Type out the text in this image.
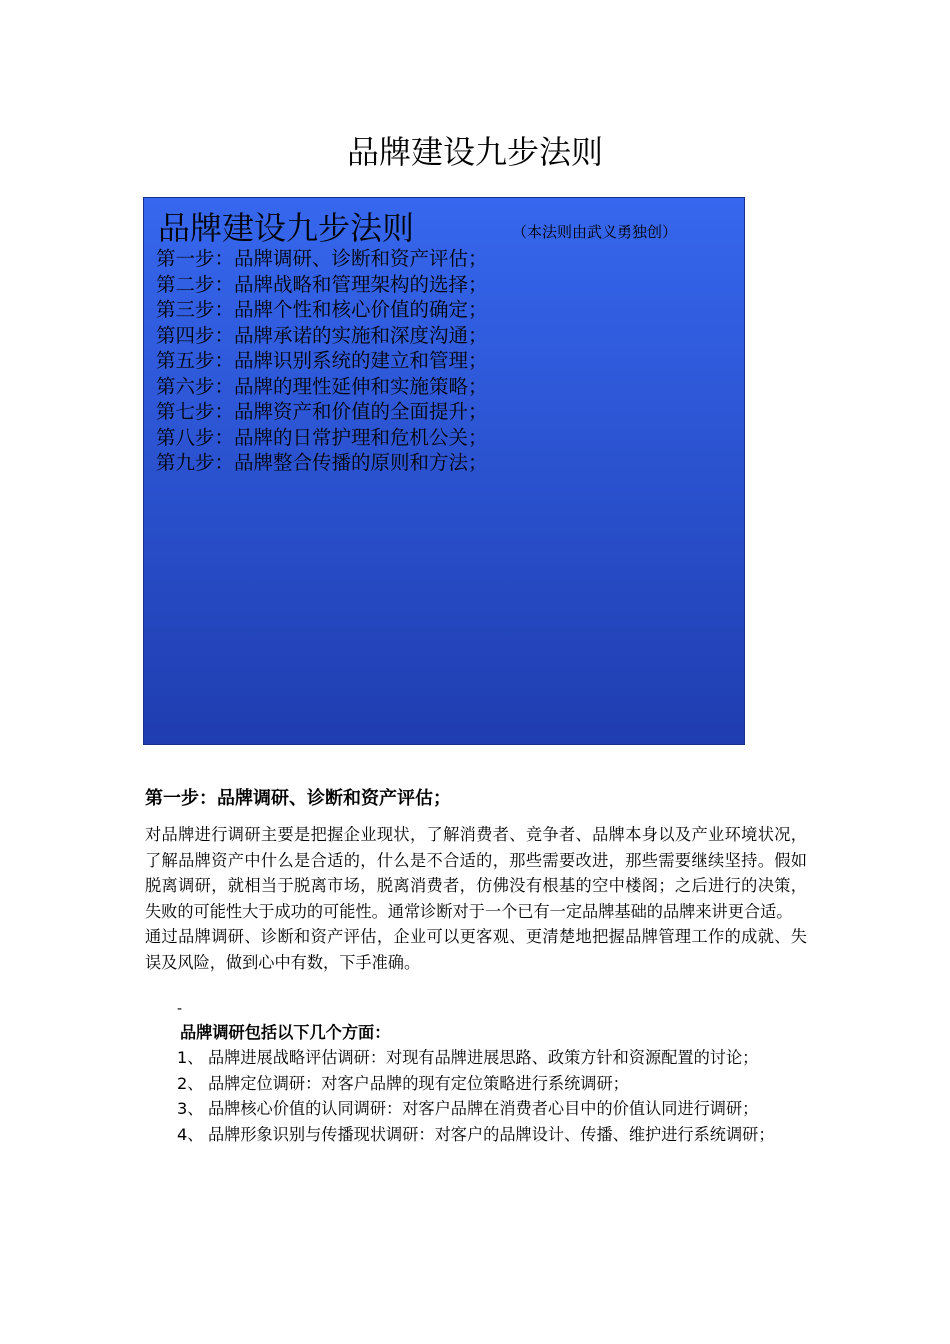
品牌建设九步法则
品牌建设九步法则	（本法则由武义勇独创）
第一步：品牌调研、诊断和资产评估；
第二步：品牌战略和管理架构的选择；
第三步：品牌个性和核心价值的确定；
第四步：品牌承诺的实施和深度沟通；
第五步：品牌识别系统的建立和管理；
第六步：品牌的理性延伸和实施策略；
第七步：品牌资产和价值的全面提升；
第八步：品牌的日常护理和危机公关；
第九步：品牌整合传播的原则和方法；
第一步：品牌调研、诊断和资产评估；

对品牌进行调研主要是把握企业现状，了解消费者、竞争者、品牌本身以及产业环境状况，了解品牌资产中什么是合适的，什么是不合适的，那些需要改进，那些需要继续坚持。假如脱离调研，就相当于脱离市场，脱离消费者，仿佛没有根基的空中楼阁；之后进行的决策，失败的可能性大于成功的可能性。通常诊断对于一个已有一定品牌基础的品牌来讲更合适。

通过品牌调研、诊断和资产评估，企业可以更客观、更清楚地把握品牌管理工作的成就、失误及风险，做到心中有数，下手准确。

-
品牌调研包括以下几个方面：
1、 品牌进展战略评估调研：对现有品牌进展思路、政策方针和资源配置的讨论；
2、 品牌定位调研：对客户品牌的现有定位策略进行系统调研；
3、 品牌核心价值的认同调研：对客户品牌在消费者心目中的价值认同进行调研；
4、 品牌形象识别与传播现状调研：对客户的品牌设计、传播、维护进行系统调研；
